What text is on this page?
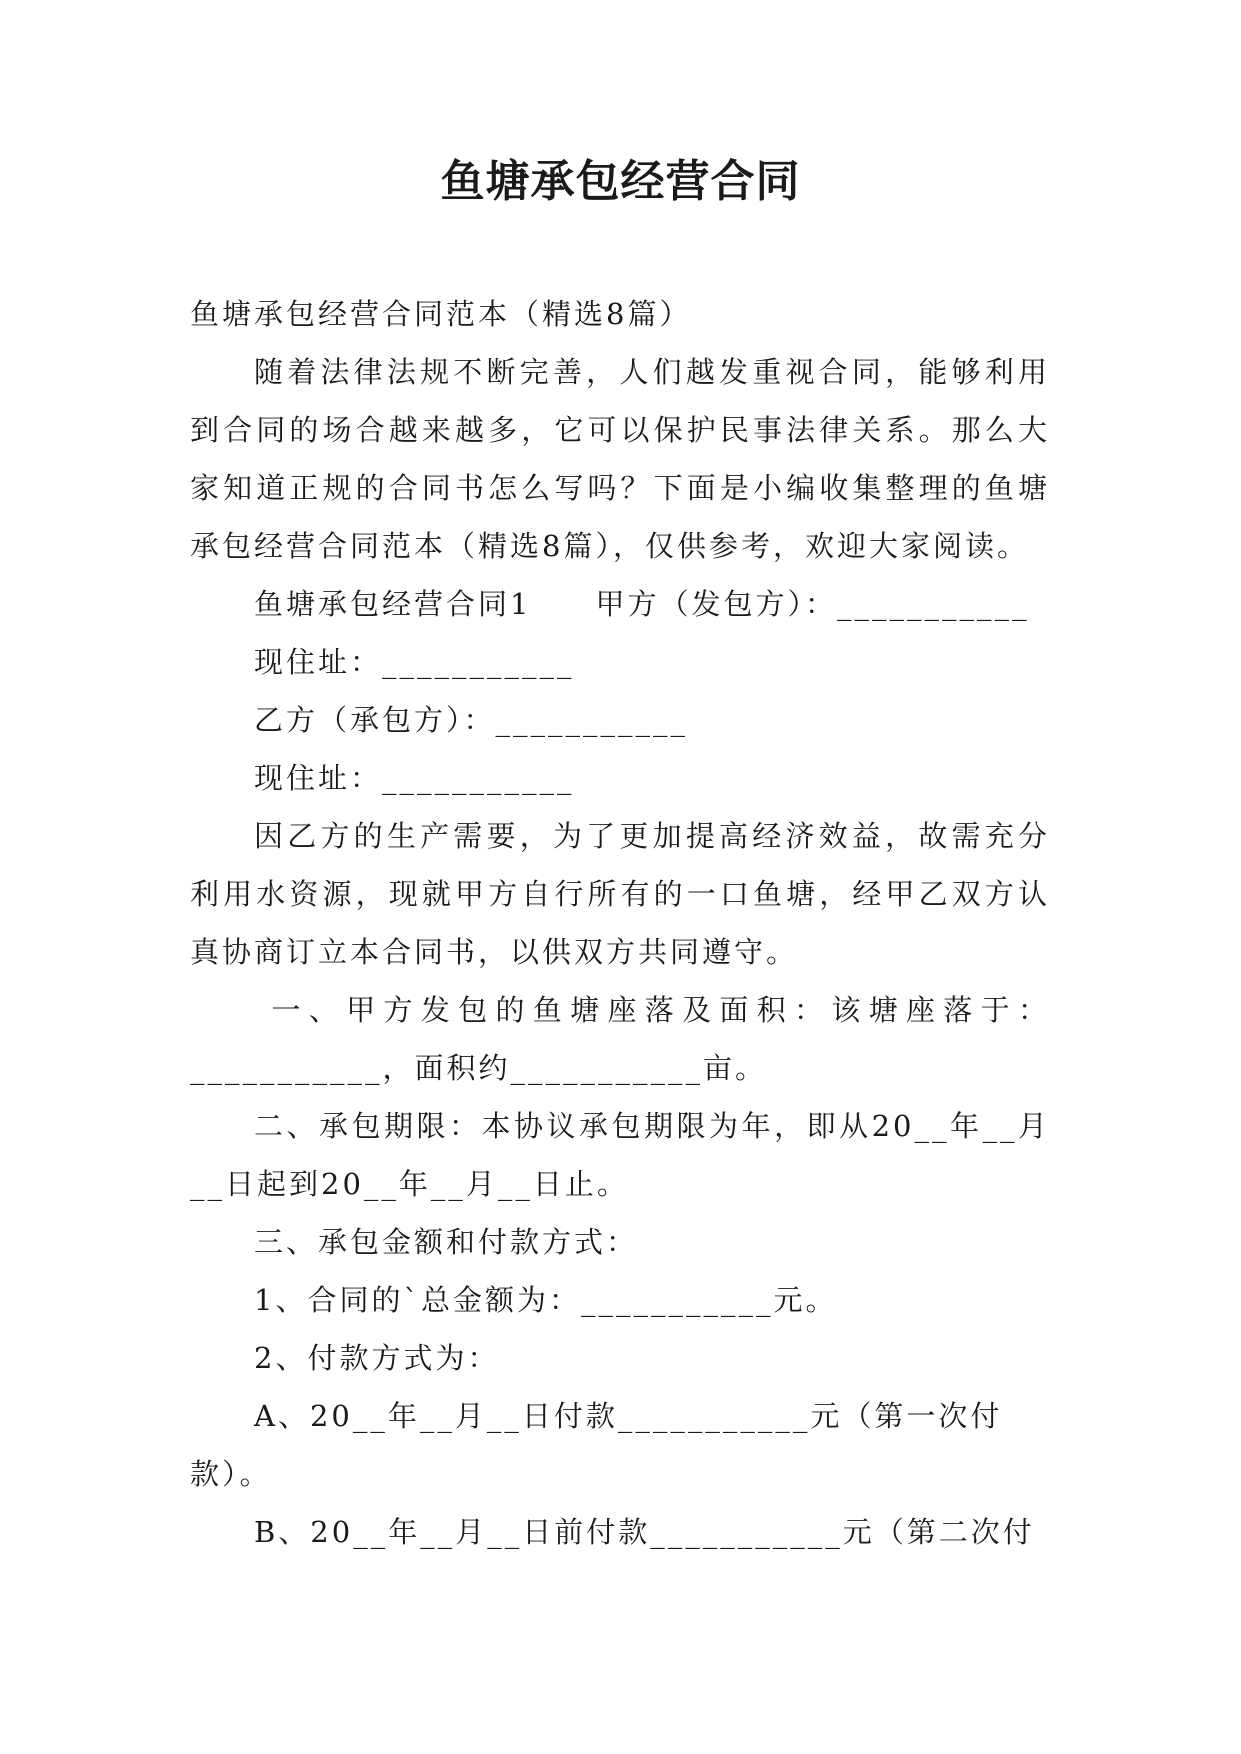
鱼塘承包经营合同

鱼塘承包经营合同范本（精选8篇）

随着法律法规不断完善，人们越发重视合同，能够利用到合同的场合越来越多，它可以保护民事法律关系。那么大家知道正规的合同书怎么写吗？下面是小编收集整理的鱼塘承包经营合同范本（精选8篇），仅供参考，欢迎大家阅读。

鱼塘承包经营合同1　　甲方（发包方）：___________

现住址：___________

乙方（承包方）：___________

现住址：___________

因乙方的生产需要，为了更加提高经济效益，故需充分利用水资源，现就甲方自行所有的一口鱼塘，经甲乙双方认真协商订立本合同书，以供双方共同遵守。

一、甲方发包的鱼塘座落及面积：该塘座落于：___________，面积约___________亩。

二、承包期限：本协议承包期限为年，即从20__年__月__日起到20__年__月__日止。

三、承包金额和付款方式：

1、合同的`总金额为：___________元。

2、付款方式为：

A、20__年__月__日付款___________元（第一次付款）。

B、20__年__月__日前付款___________元（第二次付
